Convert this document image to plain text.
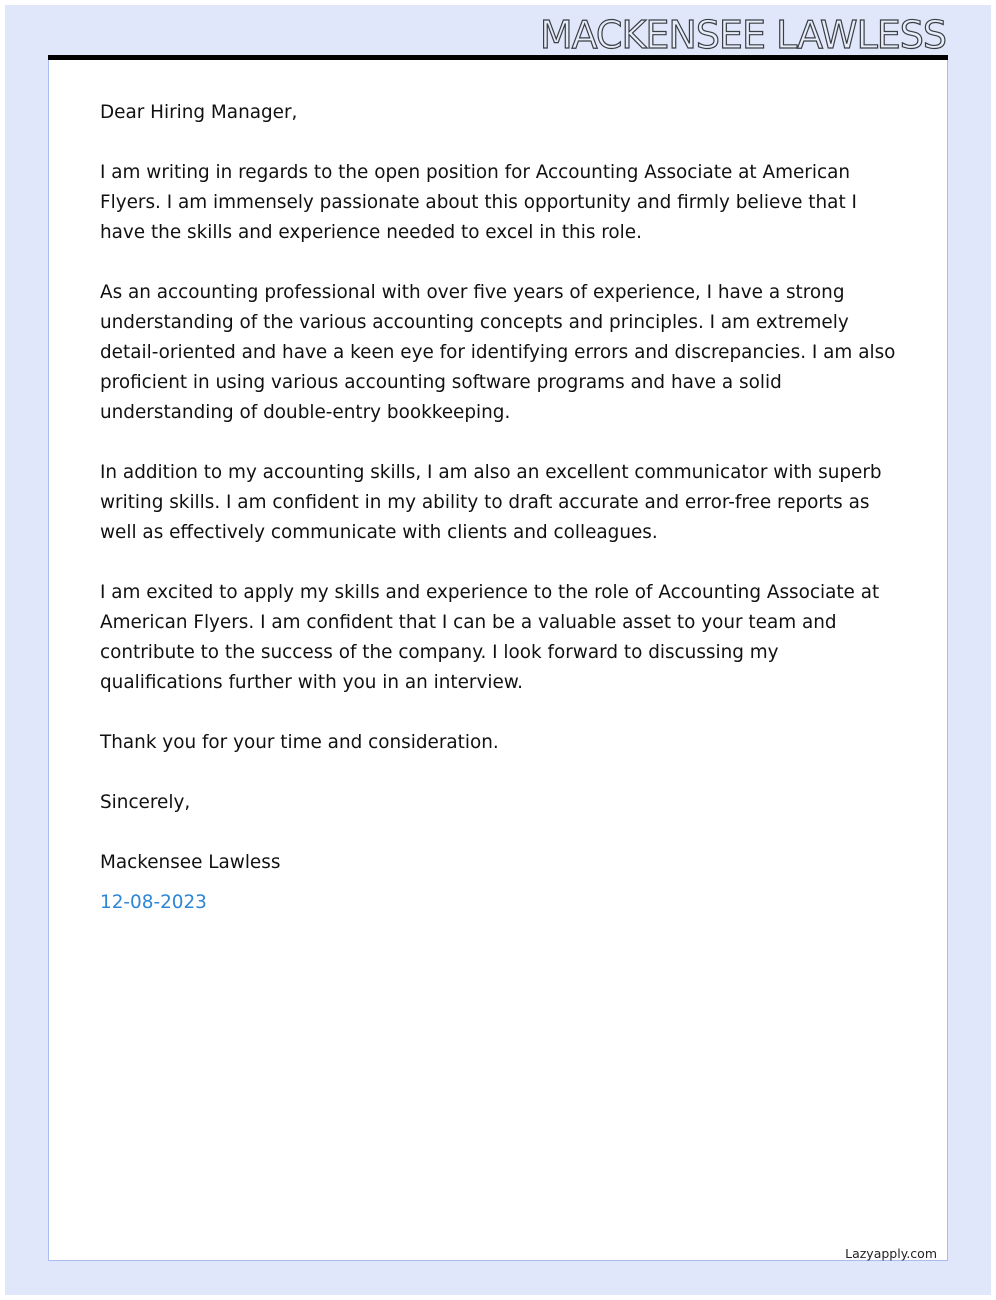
MACKENSEE LAWLESS

Dear Hiring Manager,

I am writing in regards to the open position for Accounting Associate at American Flyers. I am immensely passionate about this opportunity and firmly believe that I have the skills and experience needed to excel in this role.

As an accounting professional with over five years of experience, I have a strong understanding of the various accounting concepts and principles. I am extremely detail-oriented and have a keen eye for identifying errors and discrepancies. I am also proficient in using various accounting software programs and have a solid understanding of double-entry bookkeeping.

In addition to my accounting skills, I am also an excellent communicator with superb writing skills. I am confident in my ability to draft accurate and error-free reports as well as effectively communicate with clients and colleagues.

I am excited to apply my skills and experience to the role of Accounting Associate at American Flyers. I am confident that I can be a valuable asset to your team and contribute to the success of the company. I look forward to discussing my qualifications further with you in an interview.

Thank you for your time and consideration.

Sincerely,

Mackensee Lawless

12-08-2023

Lazyapply.com
